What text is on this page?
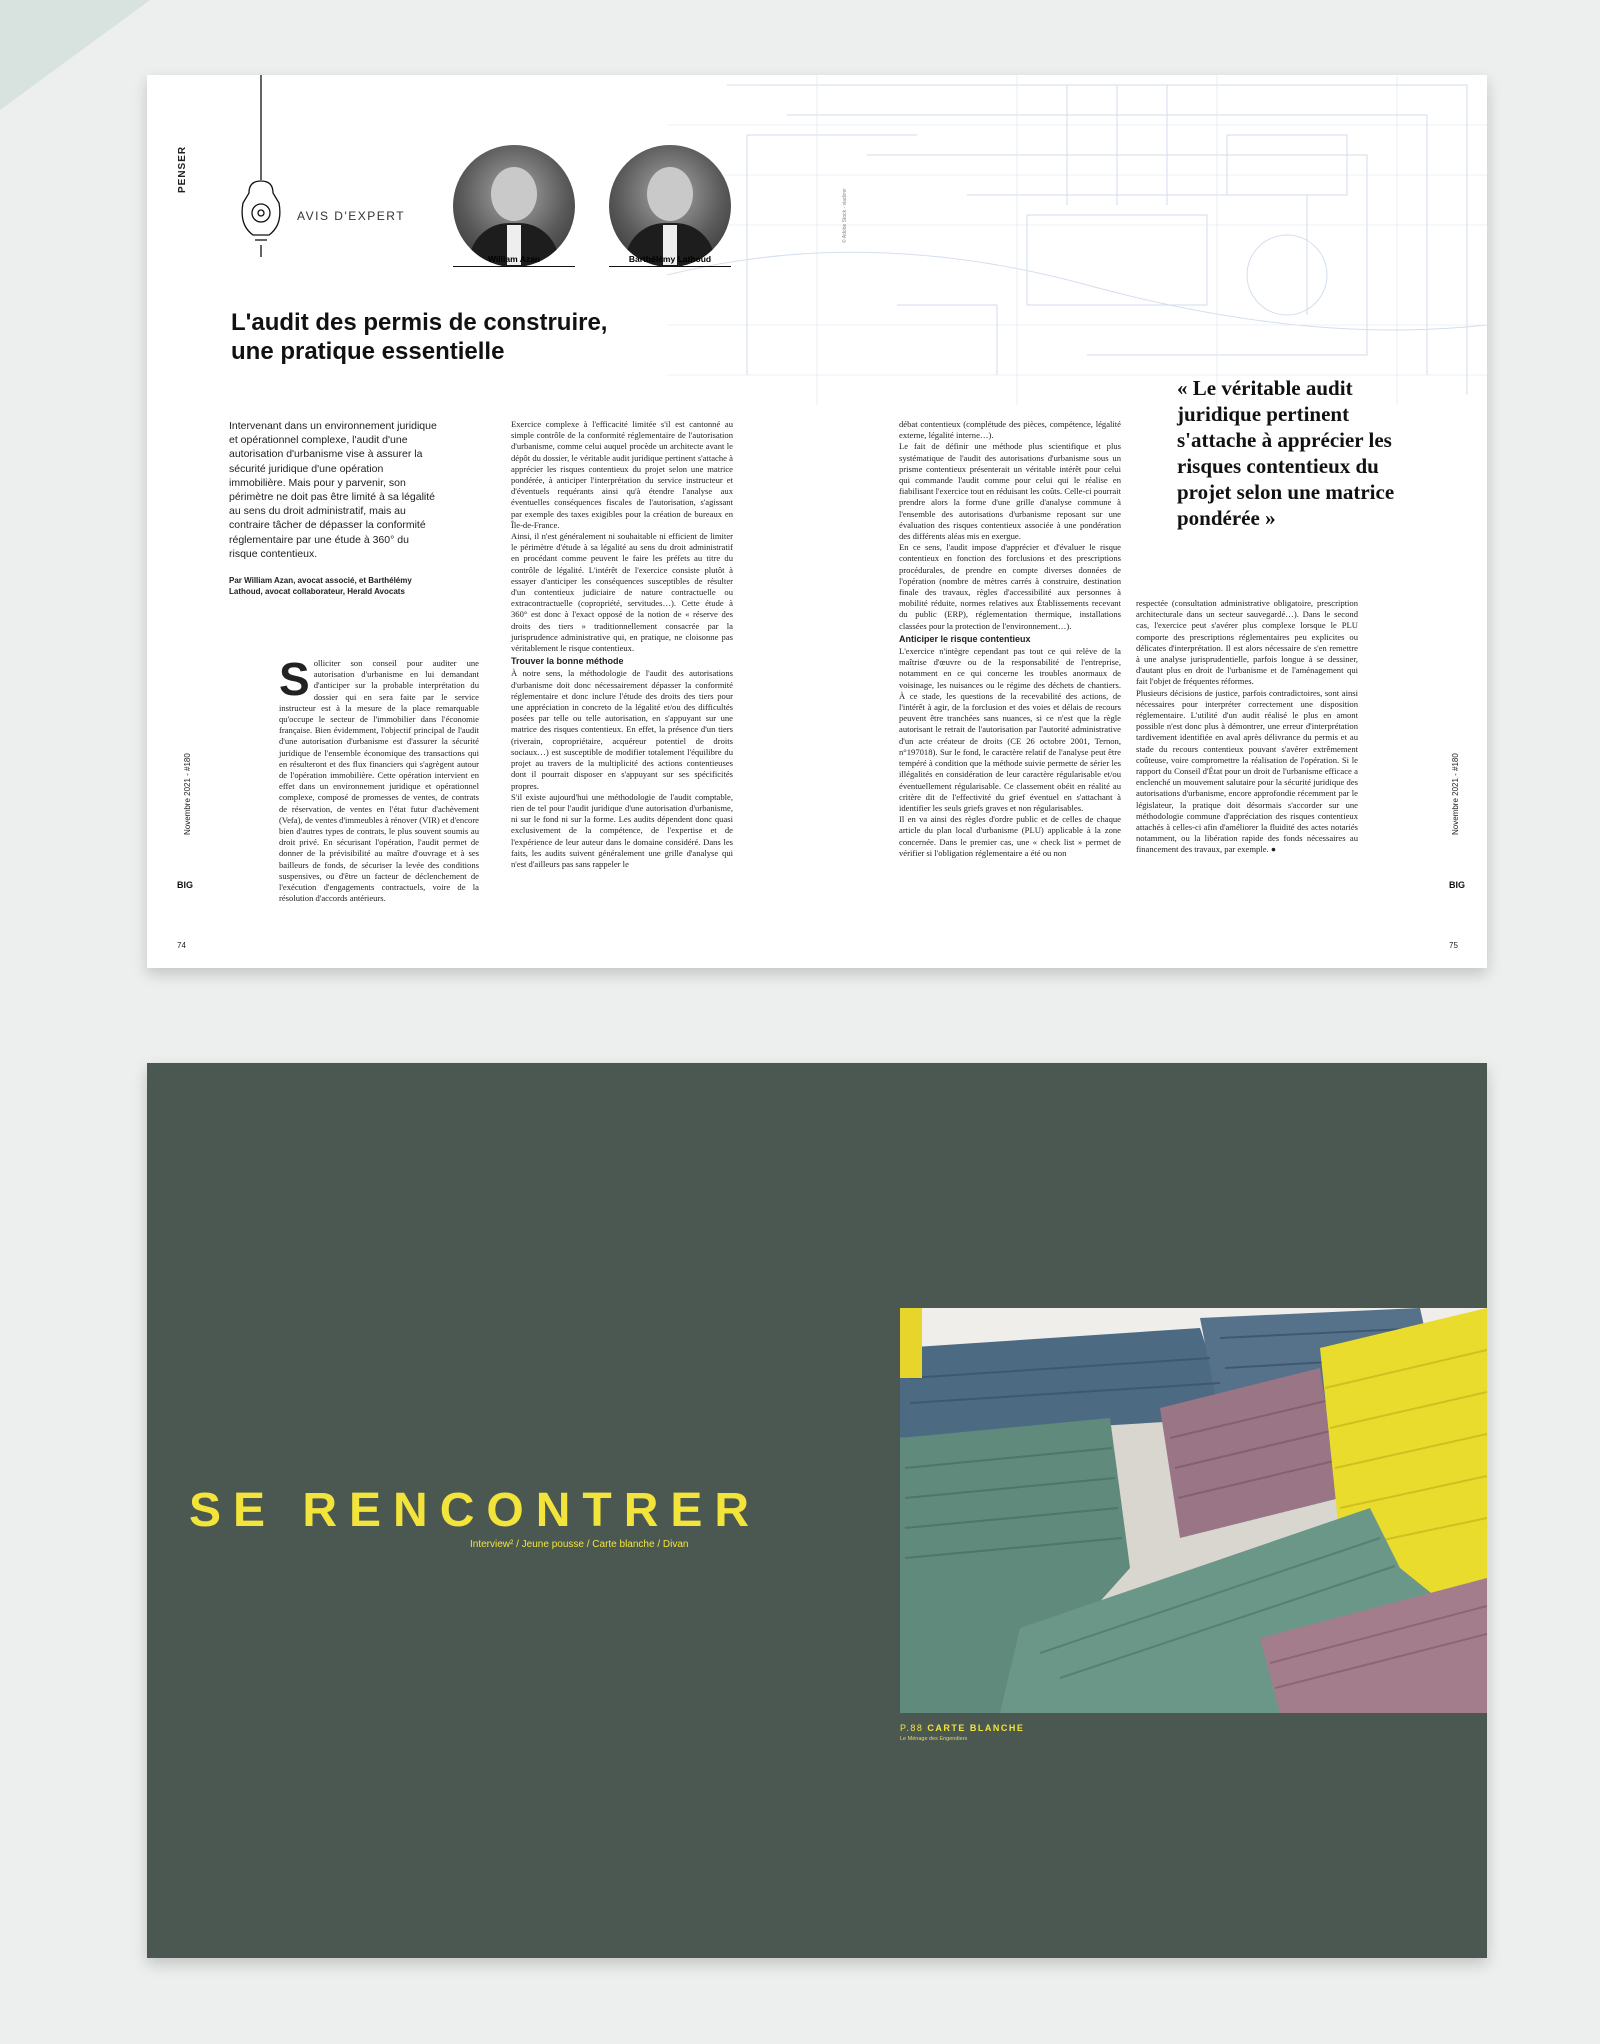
PENSER
Novembre 2021 - #180	Novembre 2021 - #180
BIG	BIG
74	75
AVIS D'EXPERT
William Azan	Barthélémy Lathoud
© Adobe Stock - vladimir
L'audit des permis de construire,
une pratique essentielle
Intervenant dans un environnement juridique et opérationnel complexe, l'audit d'une autorisation d'urbanisme vise à assurer la sécurité juridique d'une opération immobilière. Mais pour y parvenir, son périmètre ne doit pas être limité à sa légalité au sens du droit administratif, mais au contraire tâcher de dépasser la conformité réglementaire par une étude à 360° du risque contentieux.
Par William Azan, avocat associé, et Barthélémy Lathoud, avocat collaborateur, Herald Avocats

Solliciter son conseil pour auditer une autorisation d'urbanisme en lui demandant d'anticiper sur la probable interprétation du dossier qui en sera faite par le service instructeur est à la mesure de la place remarquable qu'occupe le secteur de l'immobilier dans l'économie française. Bien évidemment, l'objectif principal de l'audit d'une autorisation d'urbanisme est d'assurer la sécurité juridique de l'ensemble économique des transactions qui en résulteront et des flux financiers qui s'agrègent autour de l'opération immobilière. Cette opération intervient en effet dans un environnement juridique et opérationnel complexe, composé de promesses de ventes, de contrats de réservation, de ventes en l'état futur d'achèvement (Vefa), de ventes d'immeubles à rénover (VIR) et d'encore bien d'autres types de contrats, le plus souvent soumis au droit privé. En sécurisant l'opération, l'audit permet de donner de la prévisibilité au maître d'ouvrage et à ses bailleurs de fonds, de sécuriser la levée des conditions suspensives, ou d'être un facteur de déclenchement de l'exécution d'engagements contractuels, voire de la résolution d'accords antérieurs.

Exercice complexe à l'efficacité limitée s'il est cantonné au simple contrôle de la conformité réglementaire de l'autorisation d'urbanisme, comme celui auquel procède un architecte avant le dépôt du dossier, le véritable audit juridique pertinent s'attache à apprécier les risques contentieux du projet selon une matrice pondérée, à anticiper l'interprétation du service instructeur et d'éventuels requérants ainsi qu'à étendre l'analyse aux éventuelles conséquences fiscales de l'autorisation, s'agissant par exemple des taxes exigibles pour la création de bureaux en Île-de-France.

Ainsi, il n'est généralement ni souhaitable ni efficient de limiter le périmètre d'étude à sa légalité au sens du droit administratif en procédant comme peuvent le faire les préfets au titre du contrôle de légalité. L'intérêt de l'exercice consiste plutôt à essayer d'anticiper les conséquences susceptibles de résulter d'un contentieux judiciaire de nature contractuelle ou extracontractuelle (copropriété, servitudes…). Cette étude à 360° est donc à l'exact opposé de la notion de « réserve des droits des tiers » traditionnellement consacrée par la jurisprudence administrative qui, en pratique, ne cloisonne pas véritablement le risque contentieux.

Trouver la bonne méthode

À notre sens, la méthodologie de l'audit des autorisations d'urbanisme doit donc nécessairement dépasser la conformité réglementaire et donc inclure l'étude des droits des tiers pour une appréciation in concreto de la légalité et/ou des difficultés posées par telle ou telle autorisation, en s'appuyant sur une matrice des risques contentieux. En effet, la présence d'un tiers (riverain, copropriétaire, acquéreur potentiel de droits sociaux…) est susceptible de modifier totalement l'équilibre du projet au travers de la multiplicité des actions contentieuses dont il pourrait disposer en s'appuyant sur ses spécificités propres.

S'il existe aujourd'hui une méthodologie de l'audit comptable, rien de tel pour l'audit juridique d'une autorisation d'urbanisme, ni sur le fond ni sur la forme. Les audits dépendent donc quasi exclusivement de la compétence, de l'expertise et de l'expérience de leur auteur dans le domaine considéré. Dans les faits, les audits suivent généralement une grille d'analyse qui n'est d'ailleurs pas sans rappeler le

débat contentieux (complétude des pièces, compétence, légalité externe, légalité interne…).

Le fait de définir une méthode plus scientifique et plus systématique de l'audit des autorisations d'urbanisme sous un prisme contentieux présenterait un véritable intérêt pour celui qui commande l'audit comme pour celui qui le réalise en fiabilisant l'exercice tout en réduisant les coûts. Celle-ci pourrait prendre alors la forme d'une grille d'analyse commune à l'ensemble des autorisations d'urbanisme reposant sur une évaluation des risques contentieux associée à une pondération des différents aléas mis en exergue.

En ce sens, l'audit impose d'apprécier et d'évaluer le risque contentieux en fonction des forclusions et des prescriptions procédurales, de prendre en compte diverses données de l'opération (nombre de mètres carrés à construire, destination finale des travaux, règles d'accessibilité aux personnes à mobilité réduite, normes relatives aux Établissements recevant du public (ERP), réglementation thermique, installations classées pour la protection de l'environnement…).

Anticiper le risque contentieux

L'exercice n'intègre cependant pas tout ce qui relève de la maîtrise d'œuvre ou de la responsabilité de l'entreprise, notamment en ce qui concerne les troubles anormaux de voisinage, les nuisances ou le régime des déchets de chantiers. À ce stade, les questions de la recevabilité des actions, de l'intérêt à agir, de la forclusion et des voies et délais de recours peuvent être tranchées sans nuances, si ce n'est que la règle autorisant le retrait de l'autorisation par l'autorité administrative d'un acte créateur de droits (CE 26 octobre 2001, Ternon, n°197018). Sur le fond, le caractère relatif de l'analyse peut être tempéré à condition que la méthode suivie permette de sérier les illégalités en considération de leur caractère régularisable et/ou éventuellement régularisable. Ce classement obéit en réalité au critère dit de l'effectivité du grief éventuel en s'attachant à identifier les seuls griefs graves et non régularisables.

Il en va ainsi des règles d'ordre public et de celles de chaque article du plan local d'urbanisme (PLU) applicable à la zone concernée. Dans le premier cas, une « check list » permet de vérifier si l'obligation réglementaire a été ou non

« Le véritable audit juridique pertinent s'attache à apprécier les risques contentieux du projet selon une matrice pondérée »

respectée (consultation administrative obligatoire, prescription architecturale dans un secteur sauvegardé…). Dans le second cas, l'exercice peut s'avérer plus complexe lorsque le PLU comporte des prescriptions réglementaires peu explicites ou délicates d'interprétation. Il est alors nécessaire de s'en remettre à une analyse jurisprudentielle, parfois longue à se dessiner, d'autant plus en droit de l'urbanisme et de l'aménagement qui fait l'objet de fréquentes réformes.

Plusieurs décisions de justice, parfois contradictoires, sont ainsi nécessaires pour interpréter correctement une disposition réglementaire. L'utilité d'un audit réalisé le plus en amont possible n'est donc plus à démontrer, une erreur d'interprétation tardivement identifiée en aval après délivrance du permis et au stade du recours contentieux pouvant s'avérer extrêmement coûteuse, voire compromettre la réalisation de l'opération. Si le rapport du Conseil d'État pour un droit de l'urbanisme efficace a enclenché un mouvement salutaire pour la sécurité juridique des autorisations d'urbanisme, encore approfondie récemment par le législateur, la pratique doit désormais s'accorder sur une méthodologie commune d'appréciation des risques contentieux attachés à celles-ci afin d'améliorer la fluidité des actes notariés notamment, ou la libération rapide des fonds nécessaires au financement des travaux, par exemple. ●

SE RENCONTRER
Interview² / Jeune pousse / Carte blanche / Divan
P.88 CARTE BLANCHE
Le Ménage des Engendiers
